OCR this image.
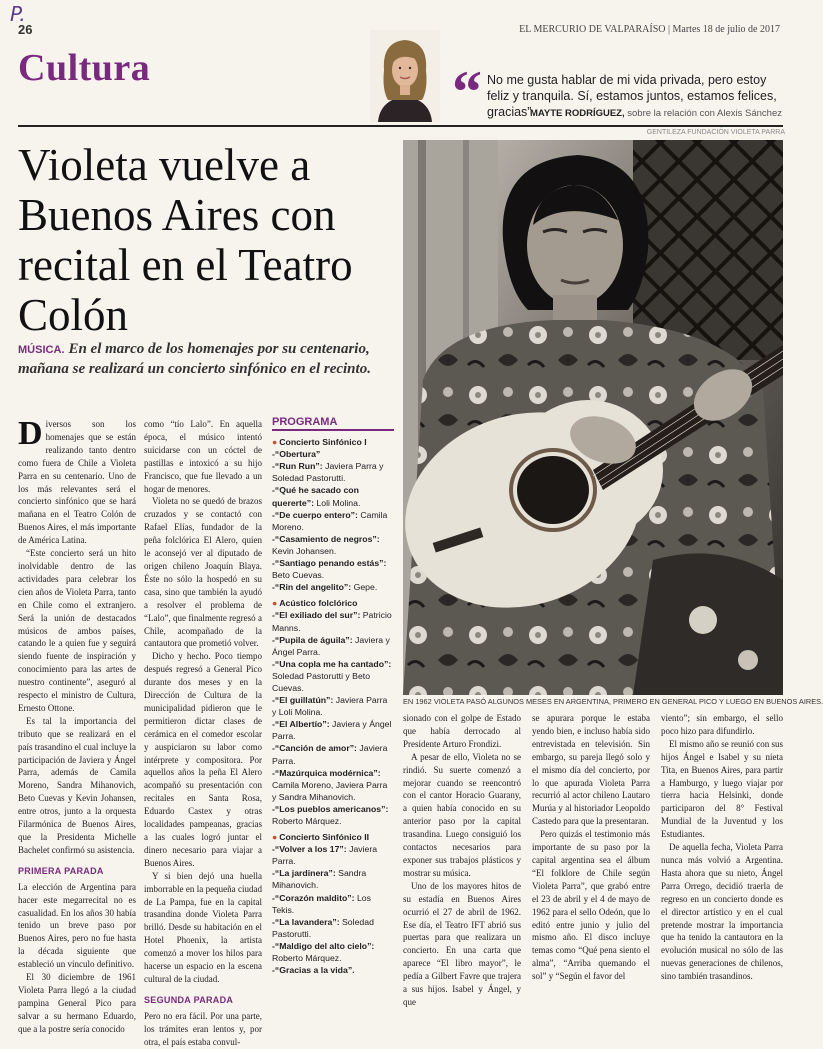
P.
26	EL MERCURIO DE VALPARAÍSO | Martes 18 de julio de 2017
Cultura	“ No me gusta hablar de mi vida privada, pero estoy feliz y tranquila. Sí, estamos juntos, estamos felices, gracias”
MAYTE RODRÍGUEZ, sobre la relación con Alexis Sánchez
GENTILEZA FUNDACIÓN VIOLETA PARRA
Violeta vuelve a Buenos Aires con recital en el Teatro Colón
MÚSICA. En el marco de los homenajes por su centenario, mañana se realizará un concierto sinfónico en el recinto.
EN 1962 VIOLETA PASÓ ALGUNOS MESES EN ARGENTINA, PRIMERO EN GENERAL PICO Y LUEGO EN BUENOS AIRES.

Diversos son los homenajes que se están realizando tanto dentro como fuera de Chile a Violeta Parra en su centenario. Uno de los más relevantes será el concierto sinfónico que se hará mañana en el Teatro Colón de Buenos Aires, el más importante de América Latina.

“Este concierto será un hito inolvidable dentro de las actividades para celebrar los cien años de Violeta Parra, tanto en Chile como el extranjero. Será la unión de destacados músicos de ambos países, catando le a quien fue y seguirá siendo fuente de inspiración y conocimiento para las artes de nuestro continente”, aseguró al respecto el ministro de Cultura, Ernesto Ottone.

Es tal la importancia del tributo que se realizará en el país trasandino el cual incluye la participación de Javiera y Ángel Parra, además de Camila Moreno, Sandra Mihanovich, Beto Cuevas y Kevin Johansen, entre otros, junto a la orquesta Filarmónica de Buenos Aires, que la Presidenta Michelle Bachelet confirmó su asistencia.

PRIMERA PARADA

La elección de Argentina para hacer este megarrecital no es casualidad. En los años 30 había tenido un breve paso por Buenos Aires, pero no fue hasta la década siguiente que estableció un vínculo definitivo.

El 30 diciembre de 1961 Violeta Parra llegó a la ciudad pampina General Pico para salvar a su hermano Eduardo, que a la postre sería conocido

como “tío Lalo”. En aquella época, el músico intentó suicidarse con un cóctel de pastillas e intoxicó a su hijo Francisco, que fue llevado a un hogar de menores.

Violeta no se quedó de brazos cruzados y se contactó con Rafael Elías, fundador de la peña folclórica El Alero, quien le aconsejó ver al diputado de origen chileno Joaquín Blaya. Éste no sólo la hospedó en su casa, sino que también la ayudó a resolver el problema de “Lalo”, que finalmente regresó a Chile, acompañado de la cantautora que prometió volver.

Dicho y hecho. Poco tiempo después regresó a General Pico durante dos meses y en la Dirección de Cultura de la municipalidad pidieron que le permitieron dictar clases de cerámica en el comedor escolar y auspiciaron su labor como intérprete y compositora. Por aquellos años la peña El Alero acompañó su presentación con recitales en Santa Rosa, Eduardo Castex y otras localidades pampeanas, gracias a las cuales logró juntar el dinero necesario para viajar a Buenos Aires.

Y si bien dejó una huella imborrable en la pequeña ciudad de La Pampa, fue en la capital trasandina donde Violeta Parra brilló. Desde su habitación en el Hotel Phoenix, la artista comenzó a mover los hilos para hacerse un espacio en la escena cultural de la ciudad.

SEGUNDA PARADA

Pero no era fácil. Por una parte, los trámites eran lentos y, por otra, el país estaba convul-

PROGRAMA
● Concierto Sinfónico I
-“Obertura”
-“Run Run”: Javiera Parra y Soledad Pastorutti.
-“Qué he sacado con quererte”: Loli Molina.
-“De cuerpo entero”: Camila Moreno.
-“Casamiento de negros”: Kevin Johansen.
-“Santiago penando estás”: Beto Cuevas.
-“Rin del angelito”: Gepe.
● Acústico folclórico
-“El exiliado del sur”: Patricio Manns.
-“Pupila de águila”: Javiera y Ángel Parra.
-“Una copla me ha cantado”: Soledad Pastorutti y Beto Cuevas.
-“El guillatún”: Javiera Parra y Loli Molina.
-“El Albertío”: Javiera y Ángel Parra.
-“Canción de amor”: Javiera Parra.
-“Mazúrquica modérnica”: Camila Moreno, Javiera Parra y Sandra Mihanovich.
-“Los pueblos americanos”: Roberto Márquez.
● Concierto Sinfónico II
-“Volver a los 17”: Javiera Parra.
-“La jardinera”: Sandra Mihanovich.
-“Corazón maldito”: Los Tekis.
-“La lavandera”: Soledad Pastorutti.
-“Maldigo del alto cielo”: Roberto Márquez.
-“Gracias a la vida”.

sionado con el golpe de Estado que había derrocado al Presidente Arturo Frondizi.

A pesar de ello, Violeta no se rindió. Su suerte comenzó a mejorar cuando se reencontró con el cantor Horacio Guarany, a quien había conocido en su anterior paso por la capital trasandina. Luego consiguió los contactos necesarios para exponer sus trabajos plásticos y mostrar su música.

Uno de los mayores hitos de su estadía en Buenos Aires ocurrió el 27 de abril de 1962. Ese día, el Teatro IFT abrió sus puertas para que realizara un concierto. En una carta que aparece “El libro mayor”, le pedía a Gilbert Favre que trajera a sus hijos. Isabel y Ángel, y que

se apurara porque le estaba yendo bien, e incluso había sido entrevistada en televisión. Sin embargo, su pareja llegó solo y el mismo día del concierto, por lo que apurada Violeta Parra recurrió al actor chileno Lautaro Murúa y al historiador Leopoldo Castedo para que la presentaran.

Pero quizás el testimonio más importante de su paso por la capital argentina sea el álbum “El folklore de Chile según Violeta Parra”, que grabó entre el 23 de abril y el 4 de mayo de 1962 para el sello Odeón, que lo editó entre junio y julio del mismo año. El disco incluye temas como “Qué pena siento el alma”, “Arriba quemando el sol” y “Según el favor del

viento”; sin embargo, el sello poco hizo para difundirlo.

El mismo año se reunió con sus hijos Ángel e Isabel y su nieta Tita, en Buenos Aires, para partir a Hamburgo, y luego viajar por tierra hacia Helsinki, donde participaron del 8° Festival Mundial de la Juventud y los Estudiantes.

De aquella fecha, Violeta Parra nunca más volvió a Argentina. Hasta ahora que su nieto, Ángel Parra Orrego, decidió traerla de regreso en un concierto donde es el director artístico y en el cual pretende mostrar la importancia que ha tenido la cantautora en la evolución musical no sólo de las nuevas generaciones de chilenos, sino también trasandinos.
